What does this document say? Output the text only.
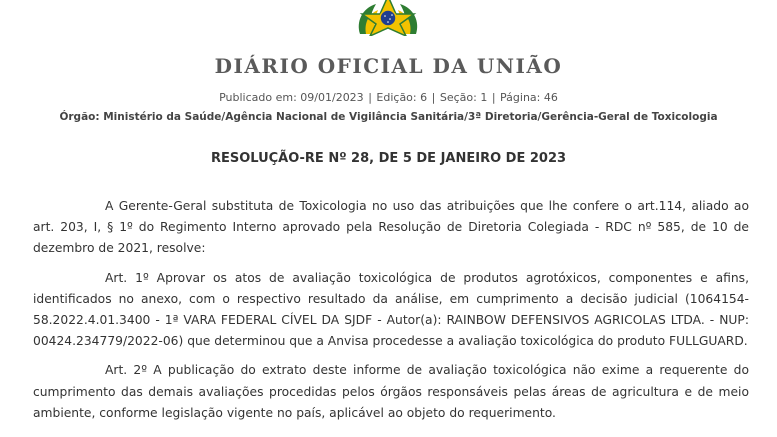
DIÁRIO OFICIAL DA UNIÃO
Publicado em: 09/01/2023 | Edição: 6 | Seção: 1 | Página: 46
Órgão: Ministério da Saúde/Agência Nacional de Vigilância Sanitária/3ª Diretoria/Gerência-Geral de Toxicologia
RESOLUÇÃO-RE Nº 28, DE 5 DE JANEIRO DE 2023

A Gerente-Geral substituta de Toxicologia no uso das atribuições que lhe confere o art.114, aliado ao art. 203, I, § 1º do Regimento Interno aprovado pela Resolução de Diretoria Colegiada - RDC nº 585, de 10 de dezembro de 2021, resolve:

Art. 1º Aprovar os atos de avaliação toxicológica de produtos agrotóxicos, componentes e afins, identificados no anexo, com o respectivo resultado da análise, em cumprimento a decisão judicial (1064154-58.2022.4.01.3400 - 1ª VARA FEDERAL CÍVEL DA SJDF - Autor(a): RAINBOW DEFENSIVOS AGRICOLAS LTDA. - NUP: 00424.234779/2022-06) que determinou que a Anvisa procedesse a avaliação toxicológica do produto FULLGUARD.

Art. 2º A publicação do extrato deste informe de avaliação toxicológica não exime a requerente do cumprimento das demais avaliações procedidas pelos órgãos responsáveis pelas áreas de agricultura e de meio ambiente, conforme legislação vigente no país, aplicável ao objeto do requerimento.
